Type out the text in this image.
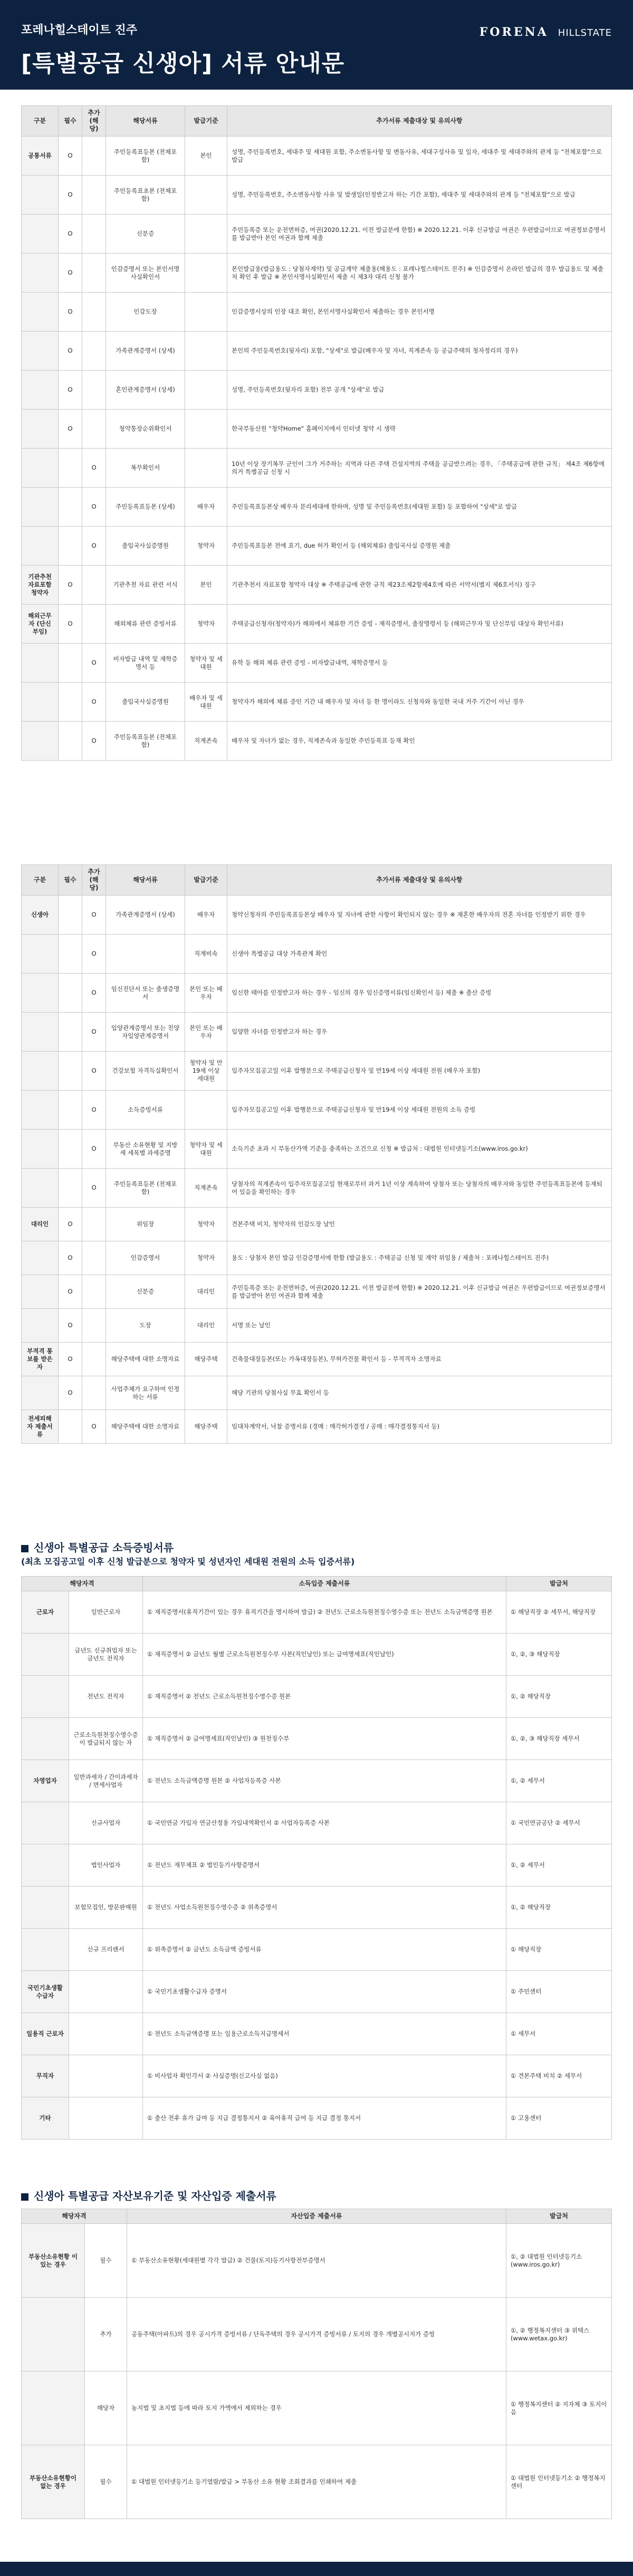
포레나힐스테이트 진주
[특별공급 신생아] 서류 안내문
FORENA HILLSTATE
구분	필수	추가(해당)	해당서류	발급기준	추가서류 제출대상 및 유의사항
공통서류	O		주민등록표등본 (전체포함)	본인	성명, 주민등록번호, 세대주 및 세대원 포함, 주소변동사항 및 변동사유, 세대구성사유 및 일자, 세대주 및 세대주와의 관계 등 "전체포함"으로 발급
	O		주민등록표초본 (전체포함)		성명, 주민등록번호, 주소변동사항 사유 및 발생일(인정받고자 하는 기간 포함), 세대주 및 세대주와의 관계 등 "전체포함"으로 발급
	O		신분증		주민등록증 또는 운전면허증, 여권(2020.12.21. 이전 발급분에 한함) ※ 2020.12.21. 이후 신규발급 여권은 우편발급이므로 여권정보증명서를 발급받아 본인 여권과 함께 제출
	O		인감증명서 또는 본인서명사실확인서		본인발급용(발급용도 : 당첨자계약) 및 공급계약 제출용(해용도 : 포레나힐스테이트 진주) ※ 인감증명서 온라인 발급의 경우 발급용도 및 제출처 확인 후 발급 ※ 본인서명사실확인서 제출 시 제3자 대리 신청 불가
	O		인감도장		인감증명서상의 인장 대조 확인, 본인서명사실확인서 제출하는 경우 본인서명
	O		가족관계증명서 (상세)		본인의 주민등록번호(뒷자리) 포함, "상세"로 발급(배우자 및 자녀, 직계존속 등 공급주택의 청자정리의 경우)
	O		혼인관계증명서 (상세)		성명, 주민등록번호(뒷자리 포함) 전부 공개 "상세"로 발급
	O		청약통장순위확인서		한국부동산원 "청약Home" 홈페이지에서 인터넷 청약 시 생략
		O	복무확인서		10년 이상 장기복무 군인이 그가 거주하는 지역과 다른 주택 건설지역의 주택을 공급받으려는 경우, 「주택공급에 관한 규칙」 제4조 제6항에 의거 특별공급 신청 시
		O	주민등록표등본 (상세)	배우자	주민등록표등본상 배우자 분리세대에 한하며, 성명 및 주민등록번호(세대원 포함) 등 포함하여 "상세"로 발급
		O	출입국사실증명원	청약자	주민등록표등본 전에 표기, due 허가 확인서 등 (해외체류) 출입국사실 증명원 제출
기관추천 자료포함 청약자	O		기관추천 자료 관련 서식	본인	기관추천서 자료포함 청약자 대상 ※ 주택공급에 관한 규칙 제23조제2항제4호에 따른 서약서(별지 제6호서식) 징구
해외근무자 (단신부임)	O		해외체류 관련 증빙서류	청약자	주택공급신청자(청약자)가 해외에서 체류한 기간 증빙 - 재직증명서, 출장명령서 등 (해외근무자 및 단신부임 대상자 확인서류)
		O	비자발급 내역 및 재학증명서 등	청약자 및 세대원	유학 등 해외 체류 관련 증빙 - 비자발급내역, 재학증명서 등
		O	출입국사실증명원	배우자 및 세대원	청약자가 해외에 체류 중인 기간 내 배우자 및 자녀 등 한 명이라도 신청자와 동일한 국내 거주 기간이 아닌 경우
		O	주민등록표등본 (전체포함)	직계존속	배우자 및 자녀가 없는 경우, 직계존속과 동일한 주민등록표 등재 확인
구분	필수	추가(해당)	해당서류	발급기준	추가서류 제출대상 및 유의사항
신생아		O	가족관계증명서 (상세)	배우자	청약신청자의 주민등록표등본상 배우자 및 자녀에 관한 사항이 확인되지 않는 경우 ※ 재혼한 배우자의 전혼 자녀를 인정받기 위한 경우
		O		직계비속	신생아 특별공급 대상 가족관계 확인
		O	임신진단서 또는 출생증명서	본인 또는 배우자	임신한 태아를 인정받고자 하는 경우 - 임신의 경우 임신증명서류(임신확인서 등) 제출 ※ 출산 증빙
		O	입양관계증명서 또는 친양자입양관계증명서	본인 또는 배우자	입양한 자녀를 인정받고자 하는 경우
		O	건강보험 자격득실확인서	청약자 및 만 19세 이상 세대원	입주자모집공고일 이후 발행분으로 주택공급신청자 및 만19세 이상 세대원 전원 (배우자 포함)
		O	소득증빙서류		입주자모집공고일 이후 발행분으로 주택공급신청자 및 만19세 이상 세대원 전원의 소득 증빙
		O	부동산 소유현황 및 지방세 세목별 과세증명	청약자 및 세대원	소득기준 초과 시 부동산가액 기준을 충족하는 조건으로 신청 ※ 발급처 : 대법원 인터넷등기소(www.iros.go.kr)
		O	주민등록표등본 (전체포함)	직계존속	당첨자의 직계존속이 입주자모집공고일 현재로부터 과거 1년 이상 계속하여 당첨자 또는 당첨자의 배우자와 동일한 주민등록표등본에 등재되어 있음을 확인하는 경우
대리인	O		위임장	청약자	견본주택 비치, 청약자의 인감도장 날인
	O		인감증명서	청약자	용도 : 당첨자 본인 발급 인감증명서에 한함 (발급용도 : 주택공급 신청 및 계약 위임용 / 제출처 : 포레나힐스테이트 진주)
	O		신분증	대리인	주민등록증 또는 운전면허증, 여권(2020.12.21. 이전 발급분에 한함) ※ 2020.12.21. 이후 신규발급 여권은 우편발급이므로 여권정보증명서를 발급받아 본인 여권과 함께 제출
	O		도장	대리인	서명 또는 날인
부적격 통보를 받은자	O		해당주택에 대한 소명자료	해당주택	건축물대장등본(또는 가옥대장등본), 무허가건물 확인서 등 - 부적격자 소명자료
	O		사업주체가 요구하여 인정하는 서류		해당 기관의 당첨사실 무효 확인서 등
전세피해자 제출서류		O	해당주택에 대한 소명자료	해당주택	임대차계약서, 낙찰 증명서류 (경매 : 매각허가결정 / 공매 : 매각결정통지서 등)
신생아 특별공급 소득증빙서류
(최초 모집공고일 이후 신청 발급분으로 청약자 및 성년자인 세대원 전원의 소득 입증서류)
해당자격		소득입증 제출서류	발급처
근로자	일반근로자	① 재직증명서(휴직기간이 있는 경우 휴직기간을 명시하여 발급) ② 전년도 근로소득원천징수영수증 또는 전년도 소득금액증명 원본	① 해당직장 ② 세무서, 해당직장
	금년도 신규취업자 또는 금년도 전직자	① 재직증명서 ② 금년도 월별 근로소득원천징수부 사본(직인날인) 또는 급여명세표(직인날인)	①, ②, ③ 해당직장
	전년도 전직자	① 재직증명서 ② 전년도 근로소득원천징수영수증 원본	①, ② 해당직장
	근로소득원천징수영수증이 발급되지 않는 자	① 재직증명서 ② 급여명세표(직인날인) ③ 원천징수부	①, ②, ③ 해당직장 세무서
자영업자	일반과세자 / 간이과세자 / 면세사업자	① 전년도 소득금액증명 원본 ② 사업자등록증 사본	①, ② 세무서
	신규사업자	① 국민연금 가입자 연금산정용 가입내역확인서 ② 사업자등록증 사본	① 국민연금공단 ② 세무서
	법인사업자	① 전년도 재무제표 ② 법인등기사항증명서	①, ② 세무서
	보험모집인, 방문판매원	① 전년도 사업소득원천징수영수증 ② 위촉증명서	①, ② 해당직장
	신규 프리랜서	① 위촉증명서 ② 금년도 소득금액 증빙서류	① 해당직장
국민기초생활 수급자		① 국민기초생활수급자 증명서	① 주민센터
일용직 근로자		① 전년도 소득금액증명 또는 일용근로소득지급명세서	① 세무서
무직자		① 비사업자 확인각서 ② 사실증명(신고사실 없음)	① 견본주택 비치 ② 세무서
기타		① 출산 전후 휴가 급여 등 지급 결정통지서 ② 육아휴직 급여 등 지급 결정 통지서	① 고용센터
신생아 특별공급 자산보유기준 및 자산입증 제출서류
해당자격		자산입증 제출서류	발급처
부동산소유현황 이 있는 경우	필수	① 부동산소유현황(세대원별 각각 발급) ② 건물(토지)등기사항전부증명서	①, ② 대법원 인터넷등기소 (www.iros.go.kr)
	추가	공동주택(아파트)의 경우 공시가격 증빙서류 / 단독주택의 경우 공시가격 증빙서류 / 토지의 경우 개별공시지가 증빙	①, ② 행정복지센터 ③ 위택스 (www.wetax.go.kr)
	해당자	농지법 및 초지법 등에 따라 토지 가액에서 제외하는 경우	① 행정복지센터 ② 지자체 ③ 토지이음
부동산소유현황이 없는 경우	필수	① 대법원 인터넷등기소 등기열람/발급 > 부동산 소유 현황 조회결과를 인쇄하여 제출	① 대법원 인터넷등기소 ② 행정복지센터
